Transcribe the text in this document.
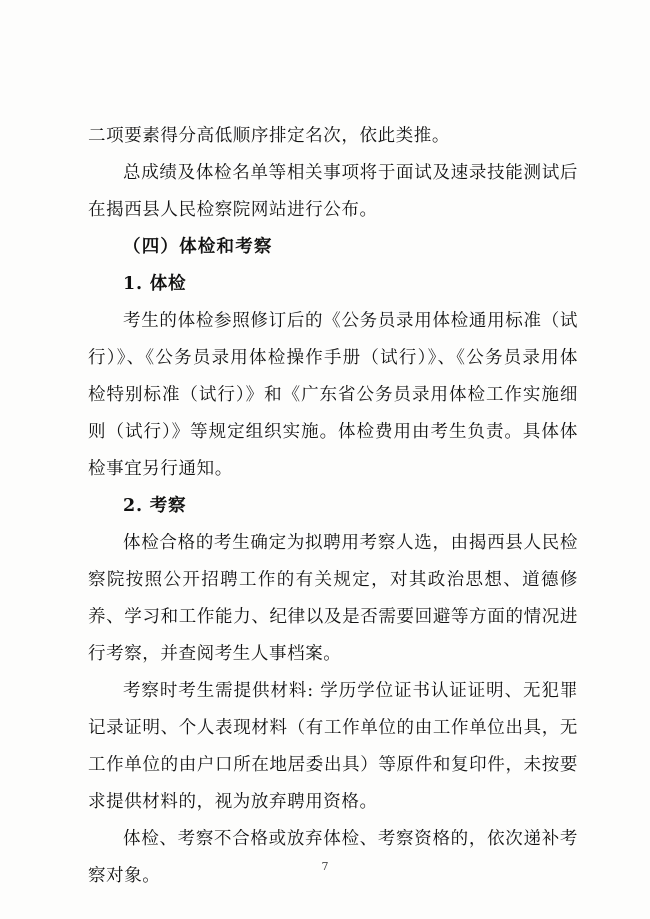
二项要素得分高低顺序排定名次，依此类推。

总成绩及体检名单等相关事项将于面试及速录技能测试后在揭西县人民检察院网站进行公布。

（四）体检和考察

1. 体检

考生的体检参照修订后的《公务员录用体检通用标准（试行）》、《公务员录用体检操作手册（试行）》、《公务员录用体检特别标准（试行）》和《广东省公务员录用体检工作实施细则（试行）》等规定组织实施。体检费用由考生负责。具体体检事宜另行通知。

2. 考察

体检合格的考生确定为拟聘用考察人选，由揭西县人民检察院按照公开招聘工作的有关规定，对其政治思想、道德修养、学习和工作能力、纪律以及是否需要回避等方面的情况进行考察，并查阅考生人事档案。

考察时考生需提供材料: 学历学位证书认证证明、无犯罪记录证明、个人表现材料（有工作单位的由工作单位出具，无工作单位的由户口所在地居委出具）等原件和复印件，未按要求提供材料的，视为放弃聘用资格。

体检、考察不合格或放弃体检、考察资格的，依次递补考察对象。	7
